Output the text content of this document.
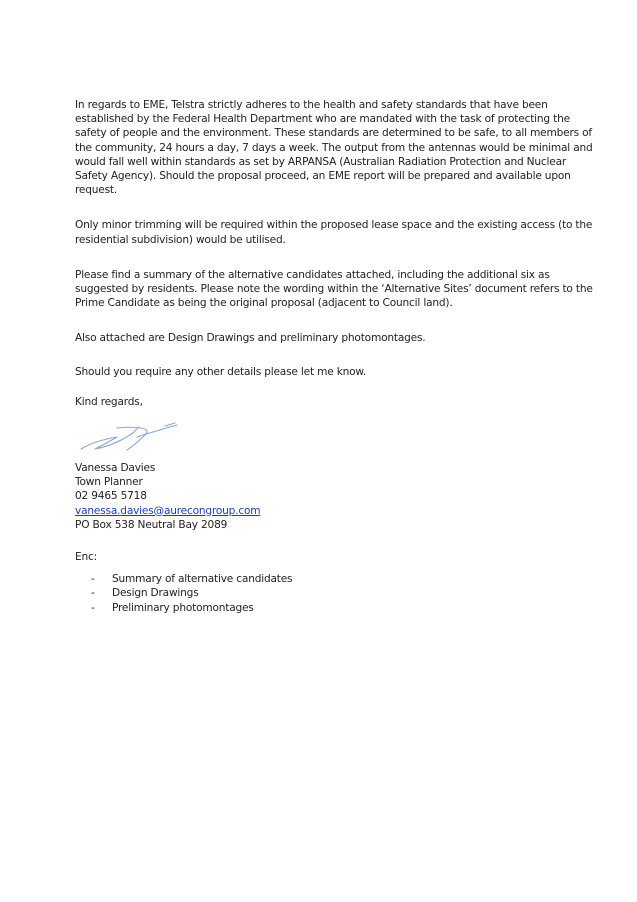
In regards to EME, Telstra strictly adheres to the health and safety standards that have been established by the Federal Health Department who are mandated with the task of protecting the safety of people and the environment. These standards are determined to be safe, to all members of the community, 24 hours a day, 7 days a week. The output from the antennas would be minimal and would fall well within standards as set by ARPANSA (Australian Radiation Protection and Nuclear Safety Agency). Should the proposal proceed, an EME report will be prepared and available upon request.

Only minor trimming will be required within the proposed lease space and the existing access (to the residential subdivision) would be utilised.

Please find a summary of the alternative candidates attached, including the additional six as suggested by residents. Please note the wording within the ‘Alternative Sites’ document refers to the Prime Candidate as being the original proposal (adjacent to Council land).

Also attached are Design Drawings and preliminary photomontages.

Should you require any other details please let me know.

Kind regards,

Vanessa Davies
Town Planner
02 9465 5718
vanessa.davies@aurecongroup.com
PO Box 538 Neutral Bay 2089

Enc:

- Summary of alternative candidates
- Design Drawings
- Preliminary photomontages
